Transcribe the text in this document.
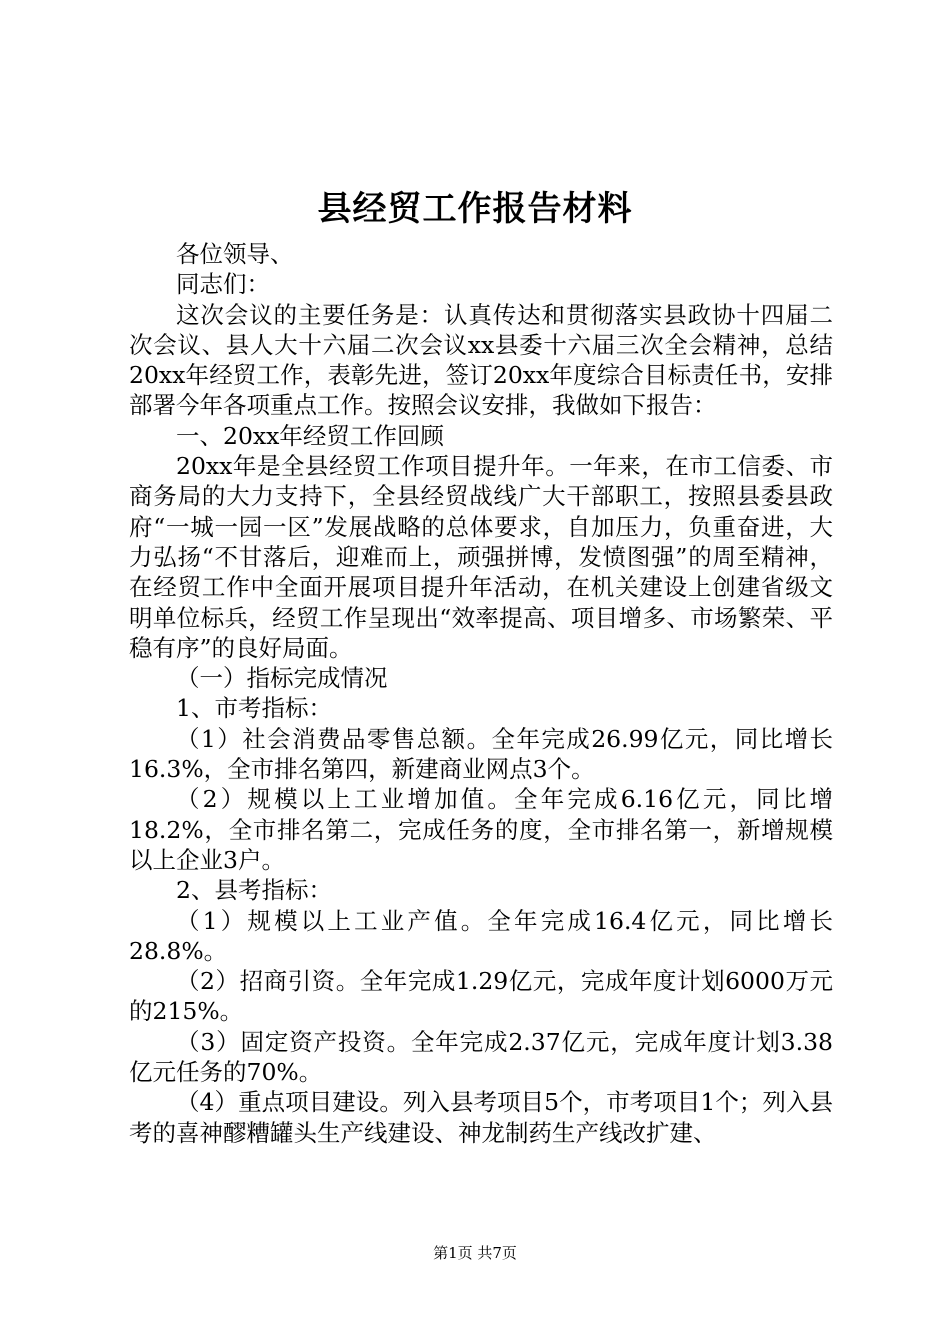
县经贸工作报告材料

各位领导、

同志们：

这次会议的主要任务是：认真传达和贯彻落实县政协十四届二次会议、县人大十六届二次会议xx县委十六届三次全会精神，总结20xx年经贸工作，表彰先进，签订20xx年度综合目标责任书，安排部署今年各项重点工作。按照会议安排，我做如下报告：

一、20xx年经贸工作回顾

20xx年是全县经贸工作项目提升年。一年来，在市工信委、市商务局的大力支持下，全县经贸战线广大干部职工，按照县委县政府“一城一园一区”发展战略的总体要求，自加压力，负重奋进，大力弘扬“不甘落后，迎难而上，顽强拼博，发愤图强”的周至精神，在经贸工作中全面开展项目提升年活动，在机关建设上创建省级文明单位标兵，经贸工作呈现出“效率提高、项目增多、市场繁荣、平稳有序”的良好局面。

（一）指标完成情况

1、市考指标：

（1）社会消费品零售总额。全年完成26.99亿元，同比增长16.3%，全市排名第四，新建商业网点3个。

（2）规模以上工业增加值。全年完成6.16亿元，同比增18.2%，全市排名第二，完成任务的度，全市排名第一，新增规模以上企业3户。

2、县考指标：

（1）规模以上工业产值。全年完成16.4亿元，同比增长28.8%。

（2）招商引资。全年完成1.29亿元，完成年度计划6000万元的215%。

（3）固定资产投资。全年完成2.37亿元，完成年度计划3.38亿元任务的70%。

（4）重点项目建设。列入县考项目5个，市考项目1个；列入县考的喜神醪糟罐头生产线建设、神龙制药生产线改扩建、

第1页 共7页
